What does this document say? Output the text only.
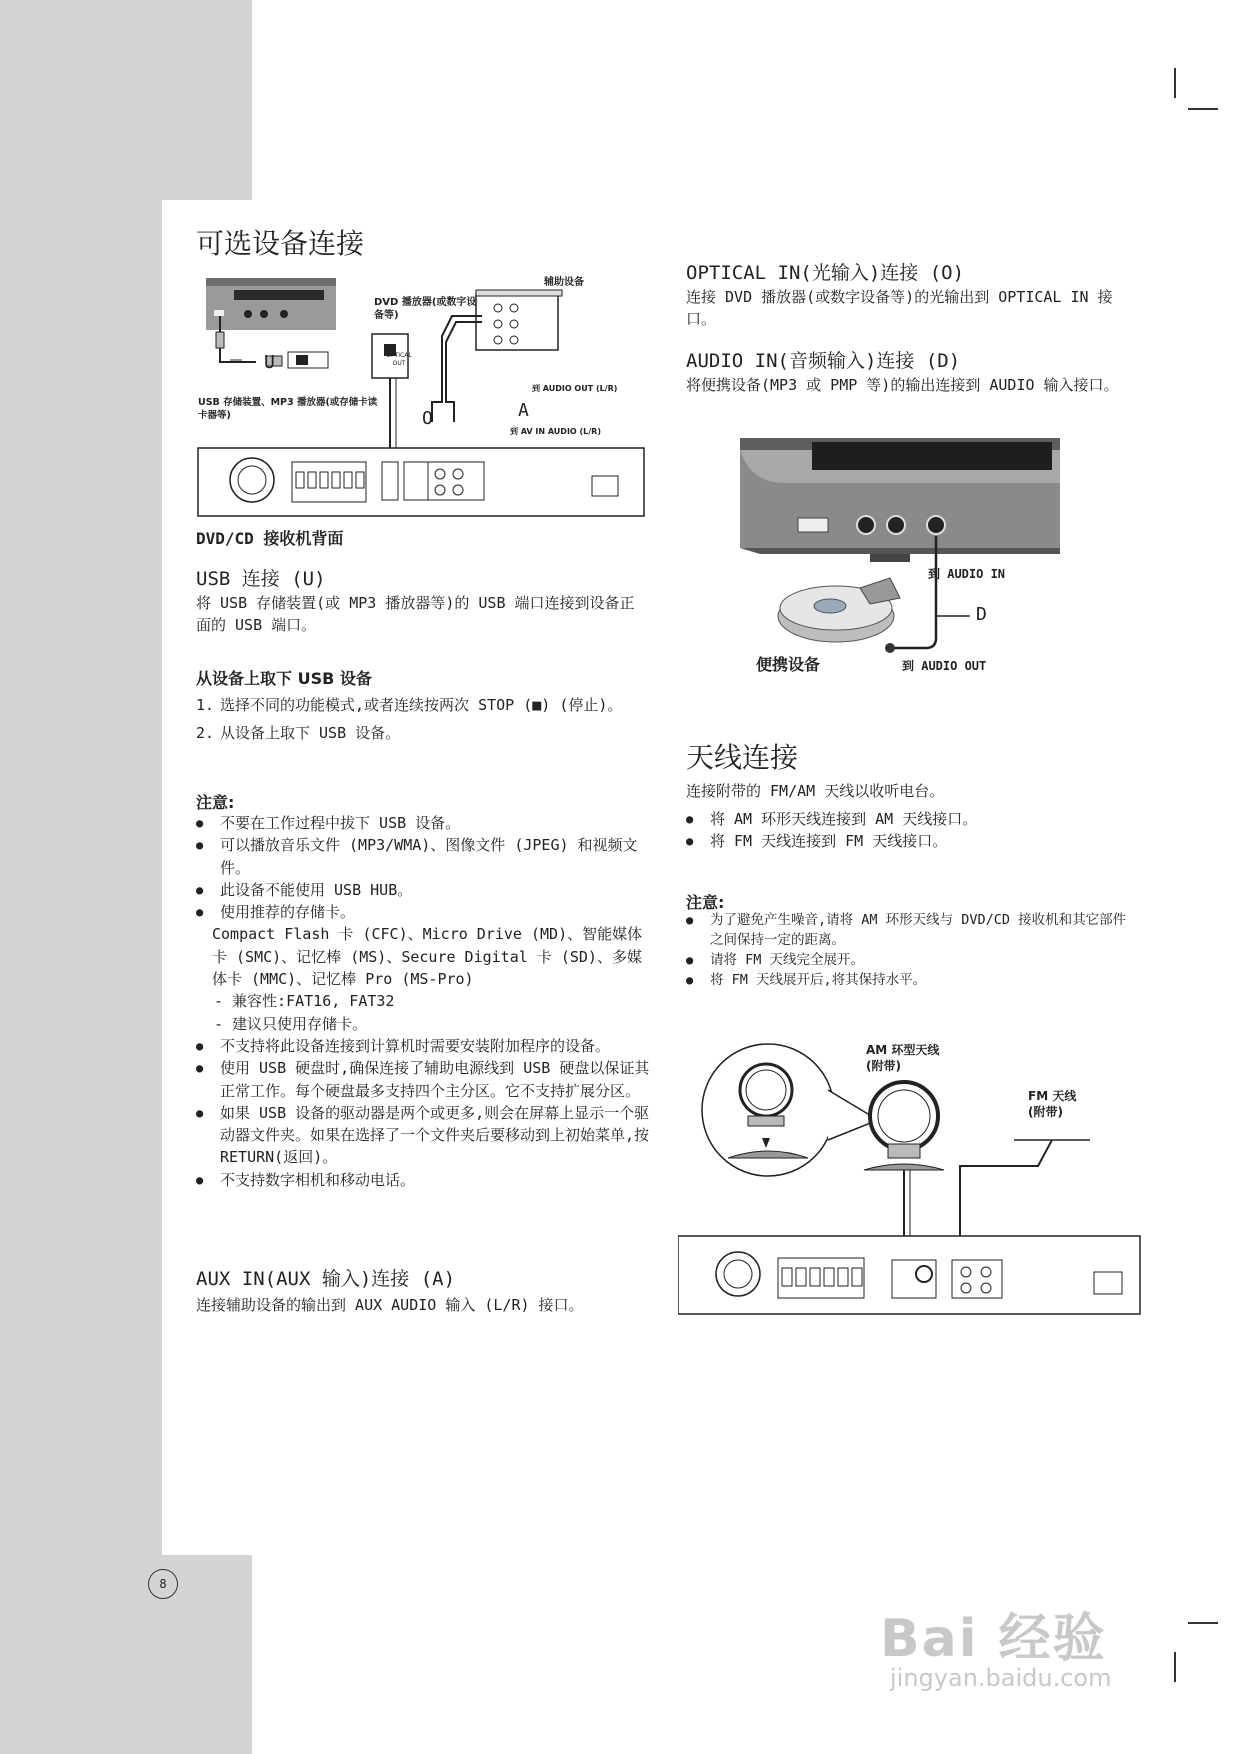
可选设备连接
辅助设备
DVD 播放器(或数字设备等)
OPTICAL OUT
到 AUDIO OUT (L/R)
到 AV IN AUDIO (L/R)
USB 存储装置、MP3 播放器(或存储卡读卡器等)
U
O	A
DVD/CD 接收机背面
USB 连接 (U)

将 USB 存储装置(或 MP3 播放器等)的 USB 端口连接到设备正面的 USB 端口。

从设备上取下 USB 设备
1. 选择不同的功能模式,或者连续按两次 STOP (■) (停止)。
2. 从设备上取下 USB 设备。
注意:
● 不要在工作过程中拔下 USB 设备。
● 可以播放音乐文件 (MP3/WMA)、图像文件 (JPEG) 和视频文件。
● 此设备不能使用 USB HUB。
● 使用推荐的存储卡。
Compact Flash 卡 (CFC)、Micro Drive (MD)、智能媒体卡 (SMC)、记忆棒 (MS)、Secure Digital 卡 (SD)、多媒体卡 (MMC)、记忆棒 Pro (MS-Pro)
- 兼容性:FAT16, FAT32
- 建议只使用存储卡。
● 不支持将此设备连接到计算机时需要安装附加程序的设备。
● 使用 USB 硬盘时,确保连接了辅助电源线到 USB 硬盘以保证其正常工作。每个硬盘最多支持四个主分区。它不支持扩展分区。
● 如果 USB 设备的驱动器是两个或更多,则会在屏幕上显示一个驱动器文件夹。如果在选择了一个文件夹后要移动到上初始菜单,按 RETURN(返回)。
● 不支持数字相机和移动电话。
AUX IN(AUX 输入)连接 (A)

连接辅助设备的输出到 AUX AUDIO 输入 (L/R) 接口。

OPTICAL IN(光输入)连接 (O)

连接 DVD 播放器(或数字设备等)的光输出到 OPTICAL IN 接口。

AUDIO IN(音频输入)连接 (D)

将便携设备(MP3 或 PMP 等)的输出连接到 AUDIO 输入接口。

到 AUDIO IN
D
便携设备	到 AUDIO OUT
天线连接

连接附带的 FM/AM 天线以收听电台。

● 将 AM 环形天线连接到 AM 天线接口。
● 将 FM 天线连接到 FM 天线接口。
注意:
● 为了避免产生噪音,请将 AM 环形天线与 DVD/CD 接收机和其它部件之间保持一定的距离。
● 请将 FM 天线完全展开。
● 将 FM 天线展开后,将其保持水平。
AM 环型天线
(附带)
FM 天线
(附带)
8
Bai 经验
jingyan.baidu.com
